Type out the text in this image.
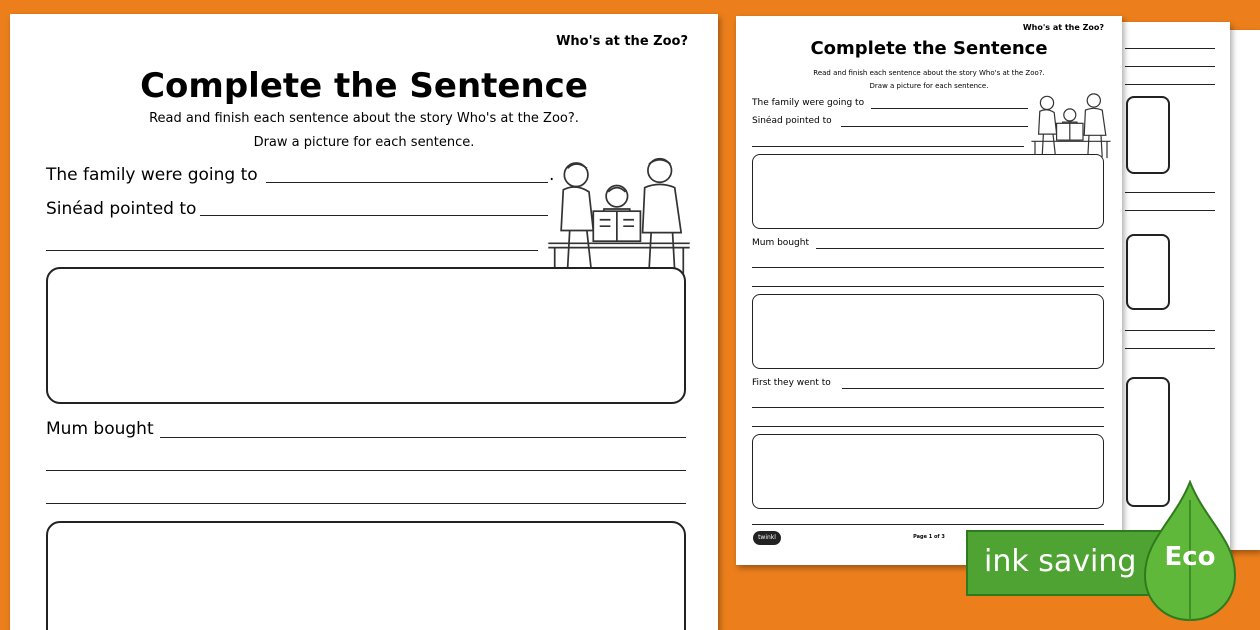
Who's at the Zoo?
Complete the Sentence
Read and finish each sentence about the story Who's at the Zoo?.
Draw a picture for each sentence.
The family were going to
Sinéad pointed to
Mum bought
First they went to
twinkl	Page 1 of 3
Who's at the Zoo?
Complete the Sentence
Read and finish each sentence about the story Who's at the Zoo?.
Draw a picture for each sentence.
The family were going to	.
Sinéad pointed to
Mum bought
ink saving	Eco
